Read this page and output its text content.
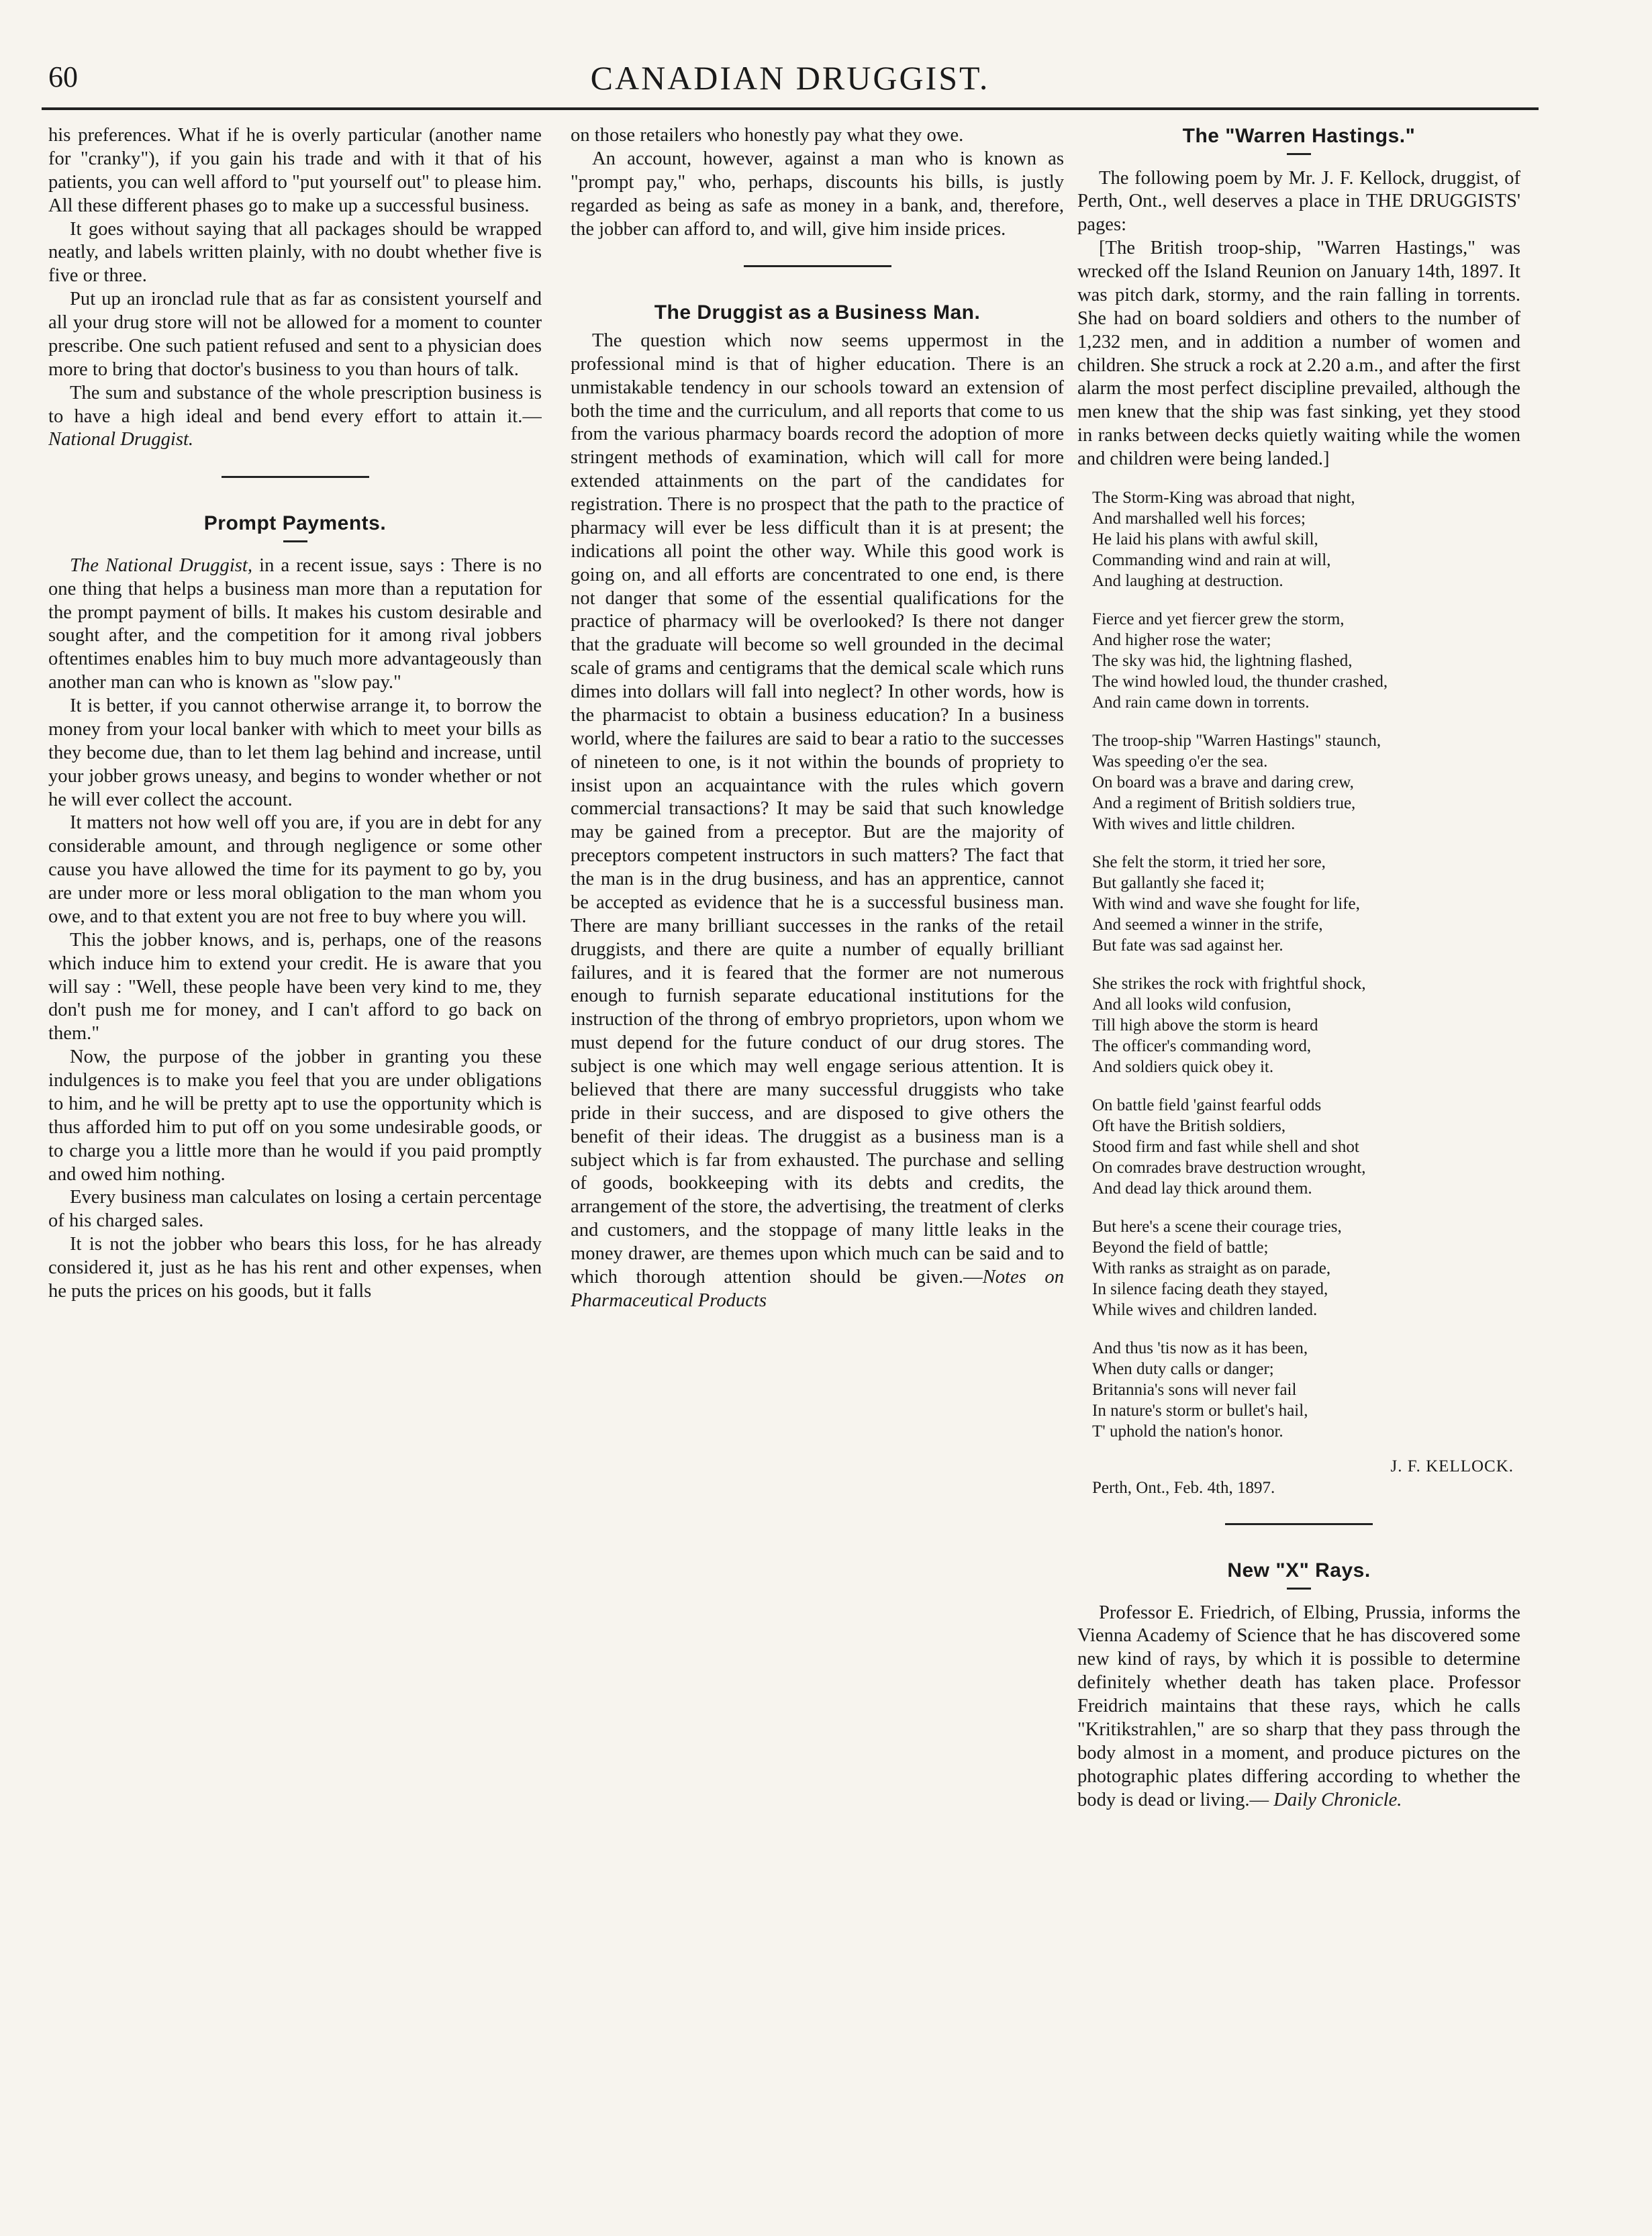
60	CANADIAN DRUGGIST.

his preferences. What if he is overly particular (another name for "cranky"), if you gain his trade and with it that of his patients, you can well afford to "put yourself out" to please him. All these different phases go to make up a successful business.

It goes without saying that all packages should be wrapped neatly, and labels written plainly, with no doubt whether five is five or three.

Put up an ironclad rule that as far as consistent yourself and all your drug store will not be allowed for a moment to counter prescribe. One such patient refused and sent to a physician does more to bring that doctor's business to you than hours of talk.

The sum and substance of the whole prescription business is to have a high ideal and bend every effort to attain it.— National Druggist.

Prompt Payments.

The National Druggist, in a recent issue, says : There is no one thing that helps a business man more than a reputation for the prompt payment of bills. It makes his custom desirable and sought after, and the competition for it among rival jobbers oftentimes enables him to buy much more advantageously than another man can who is known as "slow pay."

It is better, if you cannot otherwise arrange it, to borrow the money from your local banker with which to meet your bills as they become due, than to let them lag behind and increase, until your jobber grows uneasy, and begins to wonder whether or not he will ever collect the account.

It matters not how well off you are, if you are in debt for any considerable amount, and through negligence or some other cause you have allowed the time for its payment to go by, you are under more or less moral obligation to the man whom you owe, and to that extent you are not free to buy where you will.

This the jobber knows, and is, perhaps, one of the reasons which induce him to extend your credit. He is aware that you will say : "Well, these people have been very kind to me, they don't push me for money, and I can't afford to go back on them."

Now, the purpose of the jobber in granting you these indulgences is to make you feel that you are under obligations to him, and he will be pretty apt to use the opportunity which is thus afforded him to put off on you some undesirable goods, or to charge you a little more than he would if you paid promptly and owed him nothing.

Every business man calculates on losing a certain percentage of his charged sales.

It is not the jobber who bears this loss, for he has already considered it, just as he has his rent and other expenses, when he puts the prices on his goods, but it falls

on those retailers who honestly pay what they owe.

An account, however, against a man who is known as "prompt pay," who, perhaps, discounts his bills, is justly regarded as being as safe as money in a bank, and, therefore, the jobber can afford to, and will, give him inside prices.

The Druggist as a Business Man.

The question which now seems uppermost in the professional mind is that of higher education. There is an unmistakable tendency in our schools toward an extension of both the time and the curriculum, and all reports that come to us from the various pharmacy boards record the adoption of more stringent methods of examination, which will call for more extended attainments on the part of the candidates for registration. There is no prospect that the path to the practice of pharmacy will ever be less difficult than it is at present; the indications all point the other way. While this good work is going on, and all efforts are concentrated to one end, is there not danger that some of the essential qualifications for the practice of pharmacy will be overlooked? Is there not danger that the graduate will become so well grounded in the decimal scale of grams and centigrams that the demical scale which runs dimes into dollars will fall into neglect? In other words, how is the pharmacist to obtain a business education? In a business world, where the failures are said to bear a ratio to the successes of nineteen to one, is it not within the bounds of propriety to insist upon an acquaintance with the rules which govern commercial transactions? It may be said that such knowledge may be gained from a preceptor. But are the majority of preceptors competent instructors in such matters? The fact that the man is in the drug business, and has an apprentice, cannot be accepted as evidence that he is a successful business man. There are many brilliant successes in the ranks of the retail druggists, and there are quite a number of equally brilliant failures, and it is feared that the former are not numerous enough to furnish separate educational institutions for the instruction of the throng of embryo proprietors, upon whom we must depend for the future conduct of our drug stores. The subject is one which may well engage serious attention. It is believed that there are many successful druggists who take pride in their success, and are disposed to give others the benefit of their ideas. The druggist as a business man is a subject which is far from exhausted. The purchase and selling of goods, bookkeeping with its debts and credits, the arrangement of the store, the advertising, the treatment of clerks and customers, and the stoppage of many little leaks in the money drawer, are themes upon which much can be said and to which thorough attention should be given.—Notes on Pharmaceutical Products

The "Warren Hastings."

The following poem by Mr. J. F. Kellock, druggist, of Perth, Ont., well deserves a place in THE DRUGGISTS' pages:

[The British troop-ship, "Warren Hastings," was wrecked off the Island Reunion on January 14th, 1897. It was pitch dark, stormy, and the rain falling in torrents. She had on board soldiers and others to the number of 1,232 men, and in addition a number of women and children. She struck a rock at 2.20 a.m., and after the first alarm the most perfect discipline prevailed, although the men knew that the ship was fast sinking, yet they stood in ranks between decks quietly waiting while the women and children were being landed.]

The Storm-King was abroad that night,
And marshalled well his forces;
He laid his plans with awful skill,
Commanding wind and rain at will,
And laughing at destruction.
Fierce and yet fiercer grew the storm,
And higher rose the water;
The sky was hid, the lightning flashed,
The wind howled loud, the thunder crashed,
And rain came down in torrents.
The troop-ship "Warren Hastings" staunch,
Was speeding o'er the sea.
On board was a brave and daring crew,
And a regiment of British soldiers true,
With wives and little children.
She felt the storm, it tried her sore,
But gallantly she faced it;
With wind and wave she fought for life,
And seemed a winner in the strife,
But fate was sad against her.
She strikes the rock with frightful shock,
And all looks wild confusion,
Till high above the storm is heard
The officer's commanding word,
And soldiers quick obey it.
On battle field 'gainst fearful odds
Oft have the British soldiers,
Stood firm and fast while shell and shot
On comrades brave destruction wrought,
And dead lay thick around them.
But here's a scene their courage tries,
Beyond the field of battle;
With ranks as straight as on parade,
In silence facing death they stayed,
While wives and children landed.
And thus 'tis now as it has been,
When duty calls or danger;
Britannia's sons will never fail
In nature's storm or bullet's hail,
T' uphold the nation's honor.
J. F. KELLOCK.
Perth, Ont., Feb. 4th, 1897.
New "X" Rays.

Professor E. Friedrich, of Elbing, Prussia, informs the Vienna Academy of Science that he has discovered some new kind of rays, by which it is possible to determine definitely whether death has taken place. Professor Freidrich maintains that these rays, which he calls "Kritikstrahlen," are so sharp that they pass through the body almost in a moment, and produce pictures on the photographic plates differing according to whether the body is dead or living.— Daily Chronicle.
